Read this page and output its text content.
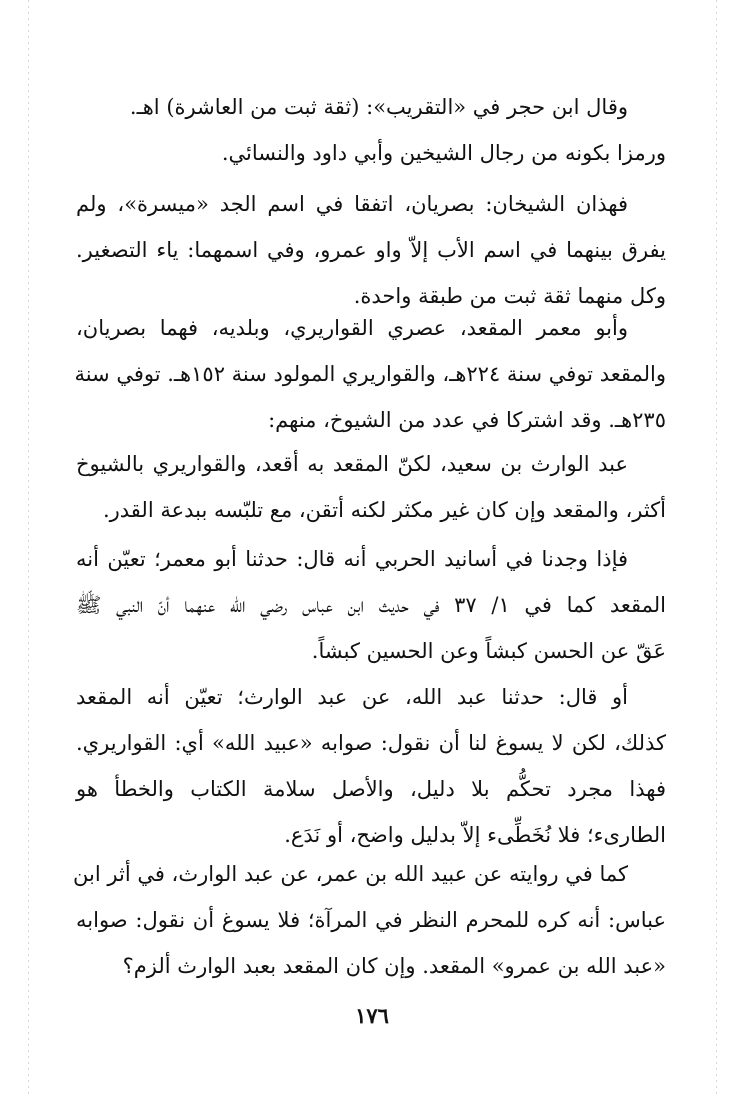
وقال ابن حجر في «التقريب»: (ثقة ثبت من العاشرة) اهـ.
ورمزا بكونه من رجال الشيخين وأبي داود والنسائي.
فهذان الشيخان: بصريان، اتفقا في اسم الجد «ميسرة»، ولم
يفرق بينهما في اسم الأب إلاّ واو عمرو، وفي اسمهما: ياء التصغير.
وكل منهما ثقة ثبت من طبقة واحدة.
وأبو معمر المقعد، عصري القواريري، وبلديه، فهما بصريان،
والمقعد توفي سنة ٢٢٤هـ، والقواريري المولود سنة ١٥٢هـ. توفي سنة
٢٣٥هـ. وقد اشتركا في عدد من الشيوخ، منهم:
عبد الوارث بن سعيد، لكنّ المقعد به أقعد، والقواريري بالشيوخ
أكثر، والمقعد وإن كان غير مكثر لكنه أتقن، مع تلبّسه ببدعة القدر.
فإذا وجدنا في أسانيد الحربي أنه قال: حدثنا أبو معمر؛ تعيّن أنه
المقعد كما في ١/ ٣٧ في حديث ابن عباس رضي الله عنهما أنّ النبي ﷺ
عَقّ عن الحسن كبشاً وعن الحسين كبشاً.
أو قال: حدثنا عبد الله، عن عبد الوارث؛ تعيّن أنه المقعد
كذلك، لكن لا يسوغ لنا أن نقول: صوابه «عبيد الله» أي: القواريري.
فهذا مجرد تحكُّم بلا دليل، والأصل سلامة الكتاب والخطأ هو
الطارىء؛ فلا نُخَطِّىء إلاّ بدليل واضح، أو نَدَع.
كما في روايته عن عبيد الله بن عمر، عن عبد الوارث، في أثر ابن
عباس: أنه كره للمحرم النظر في المرآة؛ فلا يسوغ أن نقول: صوابه
«عبد الله بن عمرو» المقعد. وإن كان المقعد بعبد الوارث ألزم؟
١٧٦
